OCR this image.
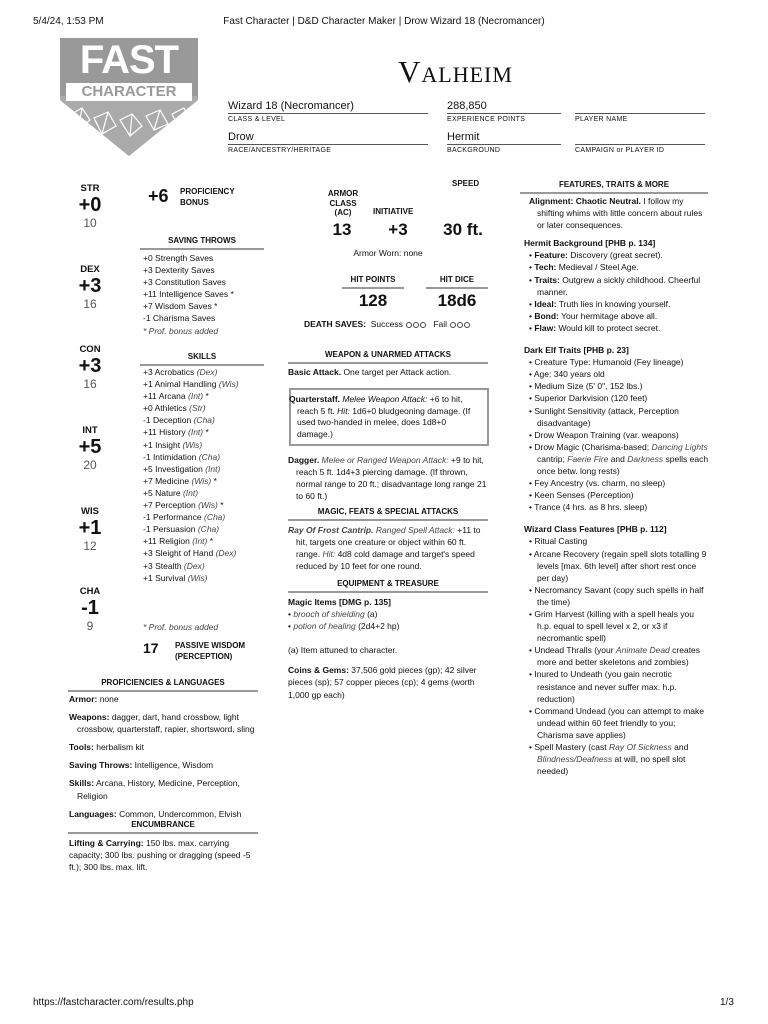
5/4/24, 1:53 PM	Fast Character | D&D Character Maker | Drow Wizard 18 (Necromancer)
FAST
CHARACTER
Valheim
Wizard 18 (Necromancer)
CLASS & LEVEL
288,850
EXPERIENCE POINTS	PLAYER NAME
Drow
RACE/ANCESTRY/HERITAGE
Hermit
BACKGROUND	CAMPAIGN or PLAYER ID
STR
+0
10
DEX
+3
16
CON
+3
16
INT
+5
20
WIS
+1
12
CHA
-1
9
+6 PROFICIENCY
BONUS
SAVING THROWS
+0 Strength Saves
+3 Dexterity Saves
+3 Constitution Saves
+11 Intelligence Saves *
+7 Wisdom Saves *
-1 Charisma Saves
* Prof. bonus added
SKILLS
+3 Acrobatics (Dex)
+1 Animal Handling (Wis)
+11 Arcana (Int) *
+0 Athletics (Str)
-1 Deception (Cha)
+11 History (Int) *
+1 Insight (Wis)
-1 Intimidation (Cha)
+5 Investigation (Int)
+7 Medicine (Wis) *
+5 Nature (Int)
+7 Perception (Wis) *
-1 Performance (Cha)
-1 Persuasion (Cha)
+11 Religion (Int) *
+3 Sleight of Hand (Dex)
+3 Stealth (Dex)
+1 Survival (Wis)
* Prof. bonus added
17 PASSIVE WISDOM
(PERCEPTION)
PROFICIENCIES & LANGUAGES
Armor: none
Weapons: dagger, dart, hand crossbow, light crossbow, quarterstaff, rapier, shortsword, sling
Tools: herbalism kit
Saving Throws: Intelligence, Wisdom
Skills: Arcana, History, Medicine, Perception, Religion
Languages: Common, Undercommon, Elvish
ENCUMBRANCE
Lifting & Carrying: 150 lbs. max. carrying capacity; 300 lbs. pushing or dragging (speed -5 ft.); 300 lbs. max. lift.
SPEED
ARMOR CLASS (AC)	INITIATIVE
13	+3	30 ft.
Armor Worn: none
HIT POINTS	HIT DICE
128	18d6
DEATH SAVES: Success	Fail
WEAPON & UNARMED ATTACKS
Basic Attack. One target per Attack action.
Quarterstaff. Melee Weapon Attack: +6 to hit, reach 5 ft. Hit: 1d6+0 bludgeoning damage. (If used two-handed in melee, does 1d8+0 damage.)
Dagger. Melee or Ranged Weapon Attack: +9 to hit, reach 5 ft. 1d4+3 piercing damage. (If thrown, normal range to 20 ft.; disadvantage long range 21 to 60 ft.)
MAGIC, FEATS & SPECIAL ATTACKS
Ray Of Frost Cantrip. Ranged Spell Attack: +11 to hit, targets one creature or object within 60 ft. range. Hit: 4d8 cold damage and target's speed reduced by 10 feet for one round.
EQUIPMENT & TREASURE
Magic Items [DMG p. 135]
• brooch of shielding (a)
• potion of healing (2d4+2 hp)
(a) Item attuned to character.
Coins & Gems: 37,506 gold pieces (gp); 42 silver pieces (sp); 57 copper pieces (cp); 4 gems (worth 1,000 gp each)
FEATURES, TRAITS & MORE
Alignment: Chaotic Neutral. I follow my shifting whims with little concern about rules or later consequences.
Hermit Background [PHB p. 134]
• Feature: Discovery (great secret).
• Tech: Medieval / Steel Age.
• Traits: Outgrew a sickly childhood. Cheerful manner.
• Ideal: Truth lies in knowing yourself.
• Bond: Your hermitage above all.
• Flaw: Would kill to protect secret.
Dark Elf Traits [PHB p. 23]
• Creature Type: Humanoid (Fey lineage)
• Age: 340 years old
• Medium Size (5' 0", 152 lbs.)
• Superior Darkvision (120 feet)
• Sunlight Sensitivity (attack, Perception disadvantage)
• Drow Weapon Training (var. weapons)
• Drow Magic (Charisma-based; Dancing Lights cantrip; Faerie Fire and Darkness spells each once betw. long rests)
• Fey Ancestry (vs. charm, no sleep)
• Keen Senses (Perception)
• Trance (4 hrs. as 8 hrs. sleep)
Wizard Class Features [PHB p. 112]
• Ritual Casting
• Arcane Recovery (regain spell slots totalling 9 levels [max. 6th level] after short rest once per day)
• Necromancy Savant (copy such spells in half the time)
• Grim Harvest (killing with a spell heals you h.p. equal to spell level x 2, or x3 if necromantic spell)
• Undead Thralls (your Animate Dead creates more and better skeletons and zombies)
• Inured to Undeath (you gain necrotic resistance and never suffer max. h.p. reduction)
• Command Undead (you can attempt to make undead within 60 feet friendly to you; Charisma save applies)
• Spell Mastery (cast Ray Of Sickness and Blindness/Deafness at will, no spell slot needed)
https://fastcharacter.com/results.php	1/3
